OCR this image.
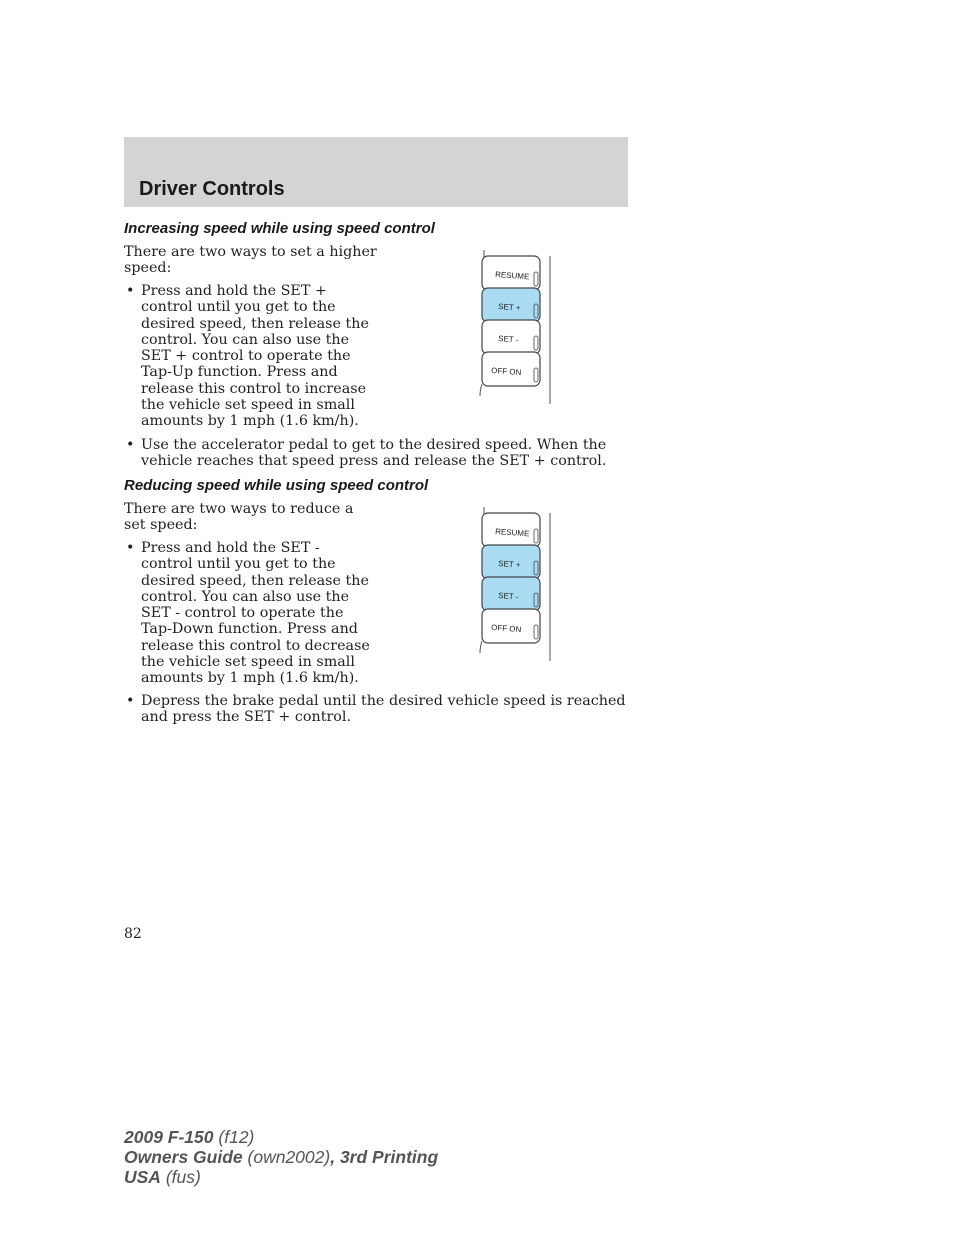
Driver Controls
Increasing speed while using speed control

There are two ways to set a higher speed:

• Press and hold the SET + control until you get to the desired speed, then release the control. You can also use the SET + control to operate the Tap-Up function. Press and release this control to increase the vehicle set speed in small amounts by 1 mph (1.6 km/h).
• Use the accelerator pedal to get to the desired speed. When the vehicle reaches that speed press and release the SET + control.
RESUME
SET +
SET -
OFF ON
Reducing speed while using speed control

There are two ways to reduce a set speed:

• Press and hold the SET - control until you get to the desired speed, then release the control. You can also use the SET - control to operate the Tap-Down function. Press and release this control to decrease the vehicle set speed in small amounts by 1 mph (1.6 km/h).
• Depress the brake pedal until the desired vehicle speed is reached and press the SET + control.
RESUME
SET +
SET -
OFF ON

82

2009 F-150 (f12)
Owners Guide (own2002), 3rd Printing
USA (fus)
